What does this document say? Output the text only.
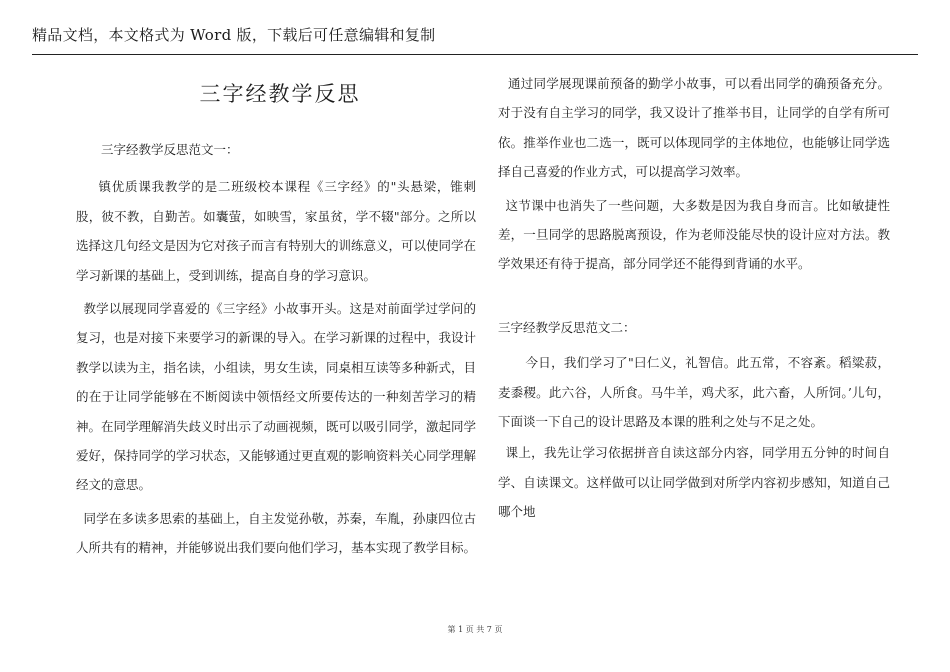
精品文档，本文格式为 Word 版，下载后可任意编辑和复制
三字经教学反思

三字经教学反思范文一：

镇优质课我教学的是二班级校本课程《三字经》的"头悬梁，锥刺股，彼不教，自勤苦。如囊萤，如映雪，家虽贫，学不辍"部分。之所以选择这几句经文是因为它对孩子而言有特别大的训练意义，可以使同学在学习新课的基础上，受到训练，提高自身的学习意识。

教学以展现同学喜爱的《三字经》小故事开头。这是对前面学过学问的复习，也是对接下来要学习的新课的导入。在学习新课的过程中，我设计教学以读为主，指名读，小组读，男女生读，同桌相互读等多种新式，目的在于让同学能够在不断阅读中领悟经文所要传达的一种刻苦学习的精神。在同学理解消失歧义时出示了动画视频，既可以吸引同学，激起同学爱好，保持同学的学习状态，又能够通过更直观的影响资料关心同学理解经文的意思。

同学在多读多思索的基础上，自主发觉孙敬，苏秦，车胤，孙康四位古人所共有的精神，并能够说出我们要向他们学习，基本实现了教学目标。

通过同学展现课前预备的勤学小故事，可以看出同学的确预备充分。对于没有自主学习的同学，我又设计了推举书目，让同学的自学有所可依。推举作业也二选一，既可以体现同学的主体地位，也能够让同学选择自己喜爱的作业方式，可以提高学习效率。

这节课中也消失了一些问题，大多数是因为我自身而言。比如敏捷性差，一旦同学的思路脱离预设，作为老师没能尽快的设计应对方法。教学效果还有待于提高，部分同学还不能得到背诵的水平。

三字经教学反思范文二：

今日，我们学习了"曰仁义，礼智信。此五常，不容紊。稻粱菽，麦黍稷。此六谷，人所食。马牛羊，鸡犬豕，此六畜，人所饲。’儿句，下面谈一下自己的设计思路及本课的胜利之处与不足之处。

课上，我先让学习依据拼音自读这部分内容，同学用五分钟的时间自学、自读课文。这样做可以让同学做到对所学内容初步感知，知道自己哪个地

第 1 页 共 7 页
